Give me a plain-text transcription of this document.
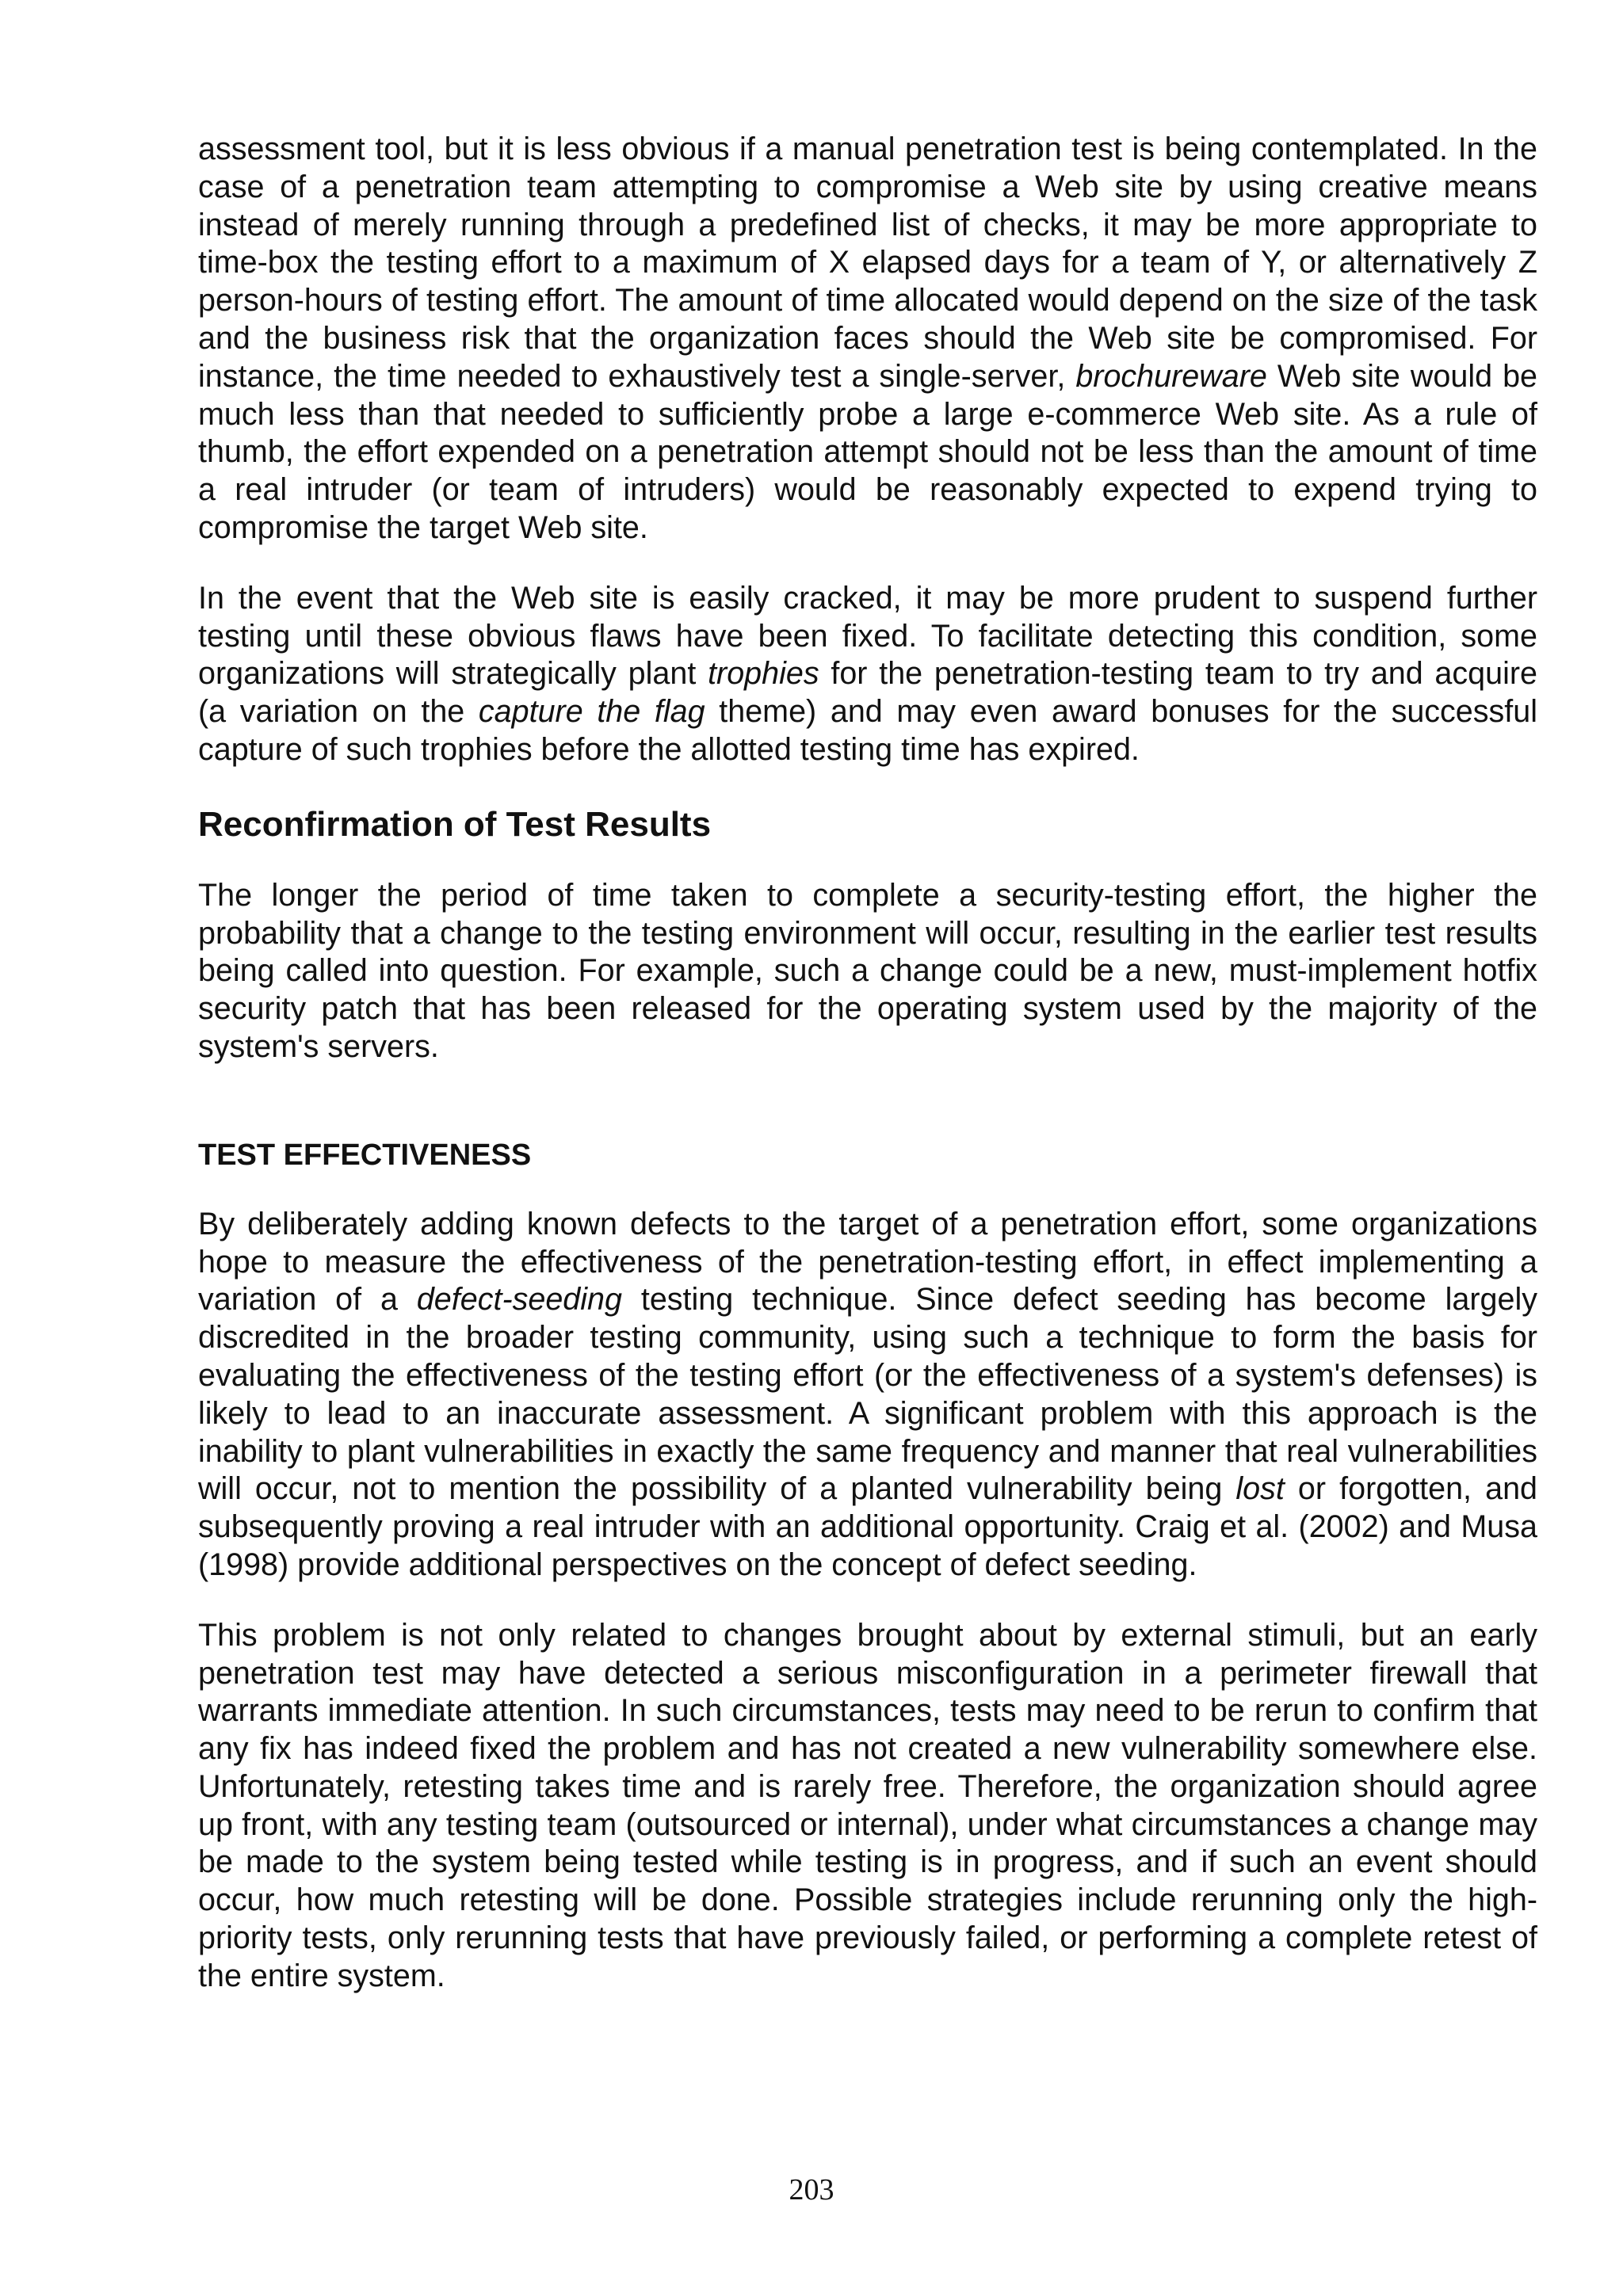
assessment tool, but it is less obvious if a manual penetration test is being contemplated. In the case of a penetration team attempting to compromise a Web site by using creative means instead of merely running through a predefined list of checks, it may be more appropriate to time-box the testing effort to a maximum of X elapsed days for a team of Y, or alternatively Z person-hours of testing effort. The amount of time allocated would depend on the size of the task and the business risk that the organization faces should the Web site be compromised. For instance, the time needed to exhaustively test a single-server, brochureware Web site would be much less than that needed to sufficiently probe a large e-commerce Web site. As a rule of thumb, the effort expended on a penetration attempt should not be less than the amount of time a real intruder (or team of intruders) would be reasonably expected to expend trying to compromise the target Web site.

In the event that the Web site is easily cracked, it may be more prudent to suspend further testing until these obvious flaws have been fixed. To facilitate detecting this condition, some organizations will strategically plant trophies for the penetration-testing team to try and acquire (a variation on the capture the flag theme) and may even award bonuses for the successful capture of such trophies before the allotted testing time has expired.

Reconfirmation of Test Results

The longer the period of time taken to complete a security-testing effort, the higher the probability that a change to the testing environment will occur, resulting in the earlier test results being called into question. For example, such a change could be a new, must-implement hotfix security patch that has been released for the operating system used by the majority of the system's servers.

TEST EFFECTIVENESS

By deliberately adding known defects to the target of a penetration effort, some organizations hope to measure the effectiveness of the penetration-testing effort, in effect implementing a variation of a defect-seeding testing technique. Since defect seeding has become largely discredited in the broader testing community, using such a technique to form the basis for evaluating the effectiveness of the testing effort (or the effectiveness of a system's defenses) is likely to lead to an inaccurate assessment. A significant problem with this approach is the inability to plant vulnerabilities in exactly the same frequency and manner that real vulnerabilities will occur, not to mention the possibility of a planted vulnerability being lost or forgotten, and subsequently proving a real intruder with an additional opportunity. Craig et al. (2002) and Musa (1998) provide additional perspectives on the concept of defect seeding.

This problem is not only related to changes brought about by external stimuli, but an early penetration test may have detected a serious misconfiguration in a perimeter firewall that warrants immediate attention. In such circumstances, tests may need to be rerun to confirm that any fix has indeed fixed the problem and has not created a new vulnerability somewhere else. Unfortunately, retesting takes time and is rarely free. Therefore, the organization should agree up front, with any testing team (outsourced or internal), under what circumstances a change may be made to the system being tested while testing is in progress, and if such an event should occur, how much retesting will be done. Possible strategies include rerunning only the high-priority tests, only rerunning tests that have previously failed, or performing a complete retest of the entire system.

203
